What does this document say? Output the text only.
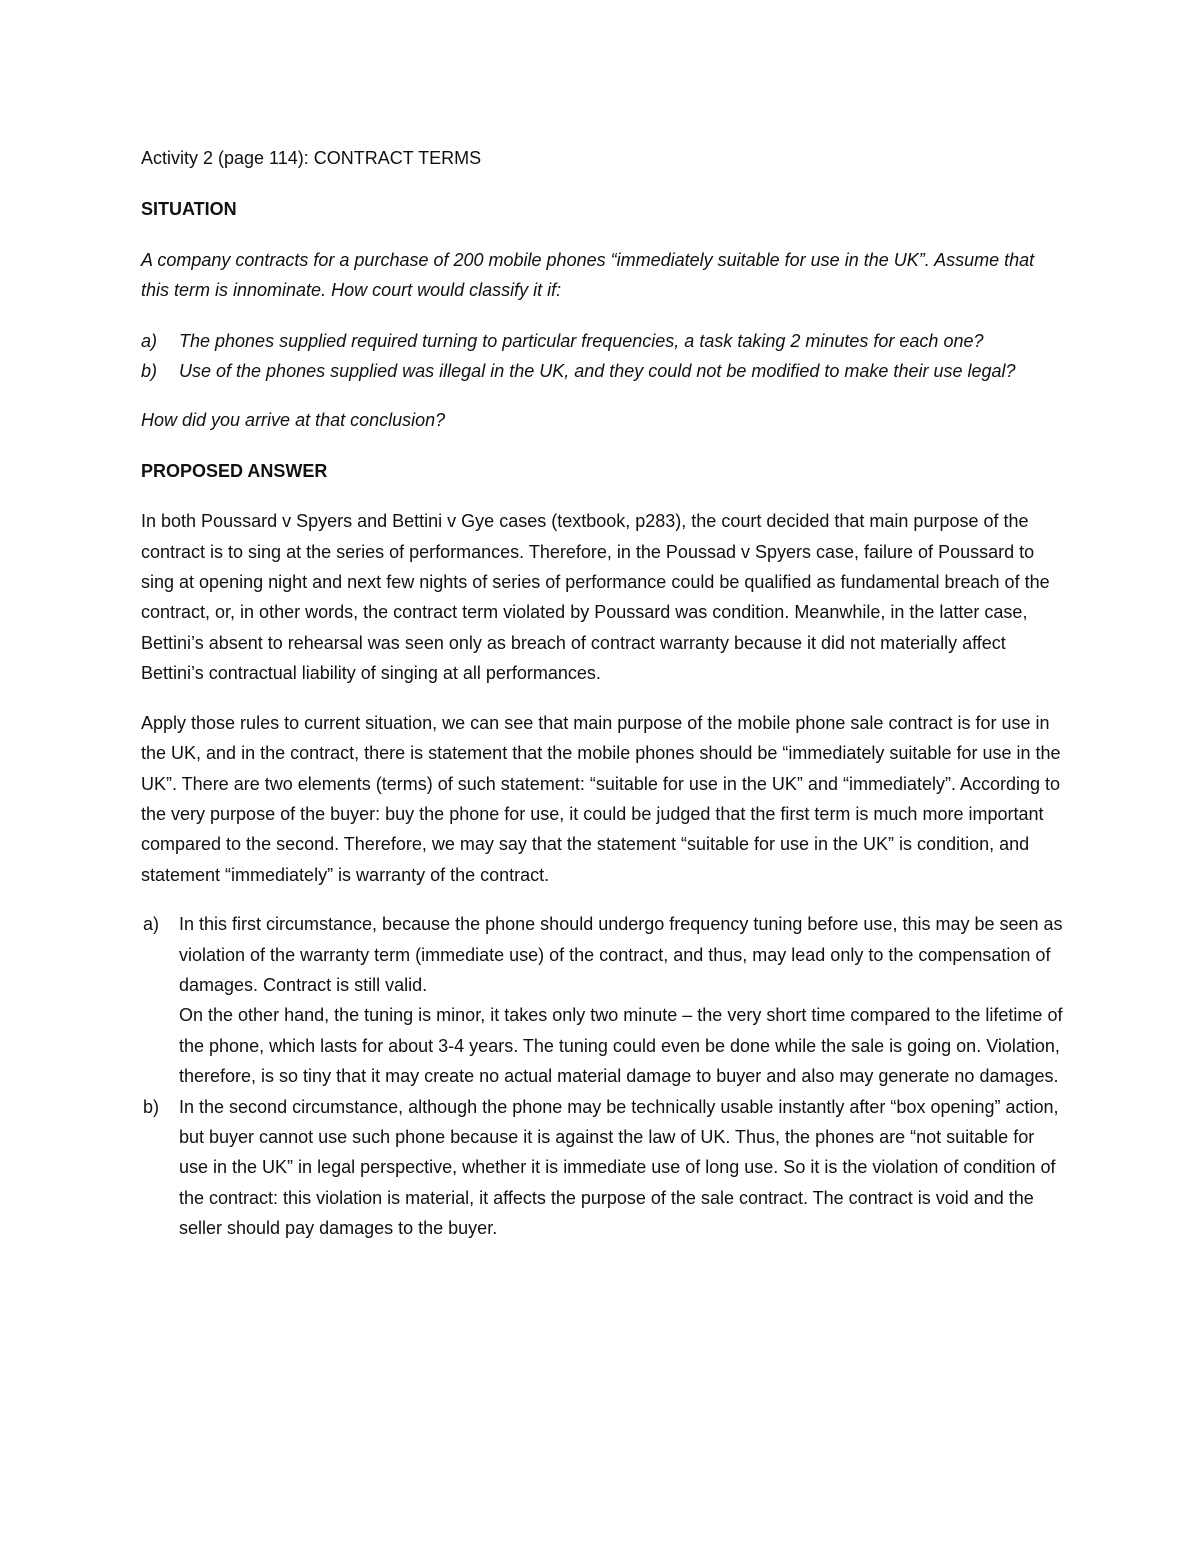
Activity 2 (page 114): CONTRACT TERMS

SITUATION

A company contracts for a purchase of 200 mobile phones “immediately suitable for use in the UK”. Assume that this term is innominate. How court would classify it if:

a) The phones supplied required turning to particular frequencies, a task taking 2 minutes for each one?
b) Use of the phones supplied was illegal in the UK, and they could not be modified to make their use legal?

How did you arrive at that conclusion?

PROPOSED ANSWER

In both Poussard v Spyers and Bettini v Gye cases (textbook, p283), the court decided that main purpose of the contract is to sing at the series of performances. Therefore, in the Poussad v Spyers case, failure of Poussard to sing at opening night and next few nights of series of performance could be qualified as fundamental breach of the contract, or, in other words, the contract term violated by Poussard was condition. Meanwhile, in the latter case, Bettini’s absent to rehearsal was seen only as breach of contract warranty because it did not materially affect Bettini’s contractual liability of singing at all performances.

Apply those rules to current situation, we can see that main purpose of the mobile phone sale contract is for use in the UK, and in the contract, there is statement that the mobile phones should be “immediately suitable for use in the UK”. There are two elements (terms) of such statement: “suitable for use in the UK” and “immediately”. According to the very purpose of the buyer: buy the phone for use, it could be judged that the first term is much more important compared to the second. Therefore, we may say that the statement “suitable for use in the UK” is condition, and statement “immediately” is warranty of the contract.

a) In this first circumstance, because the phone should undergo frequency tuning before use, this may be seen as violation of the warranty term (immediate use) of the contract, and thus, may lead only to the compensation of damages. Contract is still valid.
On the other hand, the tuning is minor, it takes only two minute – the very short time compared to the lifetime of the phone, which lasts for about 3-4 years. The tuning could even be done while the sale is going on. Violation, therefore, is so tiny that it may create no actual material damage to buyer and also may generate no damages.
b) In the second circumstance, although the phone may be technically usable instantly after “box opening” action, but buyer cannot use such phone because it is against the law of UK. Thus, the phones are “not suitable for use in the UK” in legal perspective, whether it is immediate use of long use. So it is the violation of condition of the contract: this violation is material, it affects the purpose of the sale contract. The contract is void and the seller should pay damages to the buyer.
